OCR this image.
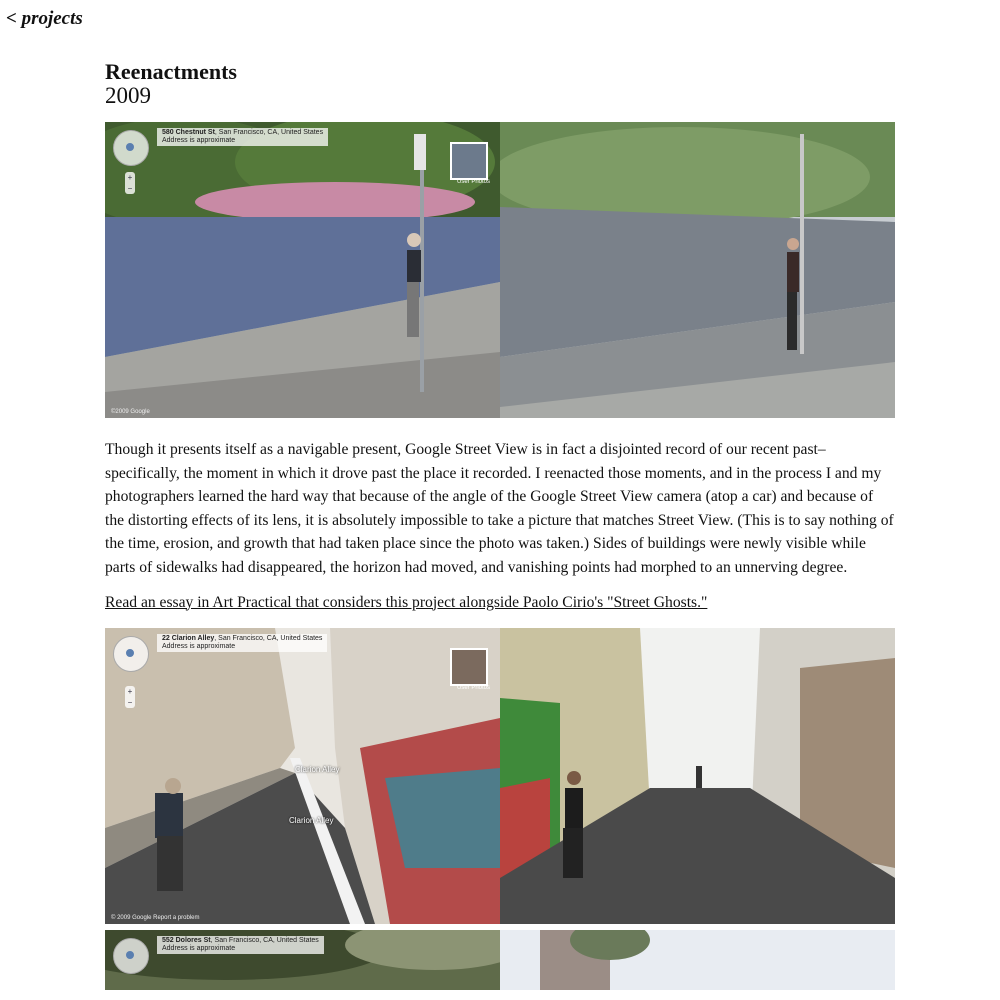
< projects
Reenactments
2009
+
−
580 Chestnut St, San Francisco, CA, United States
Address is approximate
User Photos
©2009 Google

Though it presents itself as a navigable present, Google Street View is in fact a disjointed record of our recent past–specifically, the moment in which it drove past the place it recorded. I reenacted those moments, and in the process I and my photographers learned the hard way that because of the angle of the Google Street View camera (atop a car) and because of the distorting effects of its lens, it is absolutely impossible to take a picture that matches Street View. (This is to say nothing of the time, erosion, and growth that had taken place since the photo was taken.) Sides of buildings were newly visible while parts of sidewalks had disappeared, the horizon had moved, and vanishing points had morphed to an unnerving degree.

Read an essay in Art Practical that considers this project alongside Paolo Cirio's "Street Ghosts."
+
−
22 Clarion Alley, San Francisco, CA, United States
Address is approximate
User Photos
Clarion Alley
Clarion Alley
© 2009 Google Report a problem
552 Dolores St, San Francisco, CA, United States
Address is approximate
